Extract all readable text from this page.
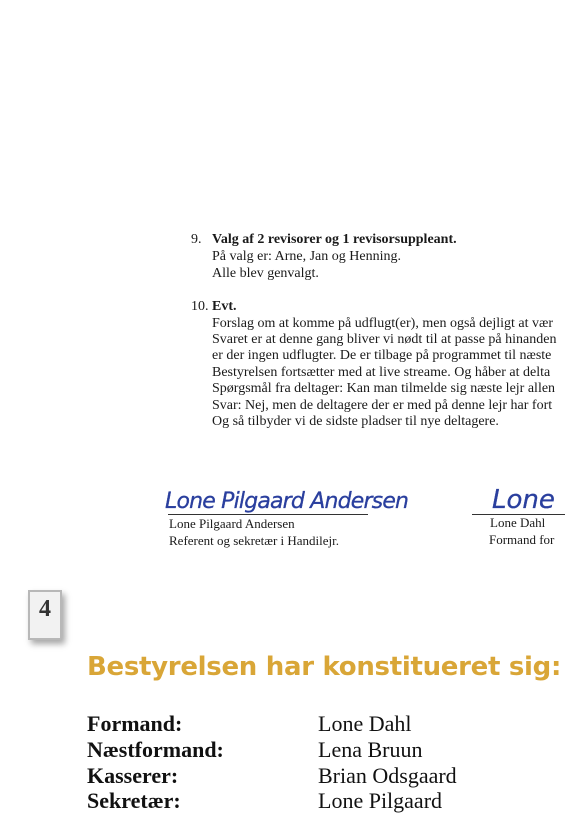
9. Valg af 2 revisorer og 1 revisorsuppleant.
På valg er: Arne, Jan og Henning.
Alle blev genvalgt.
10. Evt.
Forslag om at komme på udflugt(er), men også dejligt at vær
Svaret er at denne gang bliver vi nødt til at passe på hinanden
er der ingen udflugter. De er tilbage på programmet til næste
Bestyrelsen fortsætter med at live streame. Og håber at delta
Spørgsmål fra deltager: Kan man tilmelde sig næste lejr allen
Svar: Nej, men de deltagere der er med på denne lejr har fort
Og så tilbyder vi de sidste pladser til nye deltagere.
Lone Pilgaard Andersen
Lone Pilgaard Andersen
Referent og sekretær i Handilejr.
Lone
Lone Dahl
Formand for
4
Bestyrelsen har konstitueret sig:
Formand:	Lone Dahl
Næstformand:	Lena Bruun
Kasserer:	Brian Odsgaard
Sekretær:	Lone Pilgaard
